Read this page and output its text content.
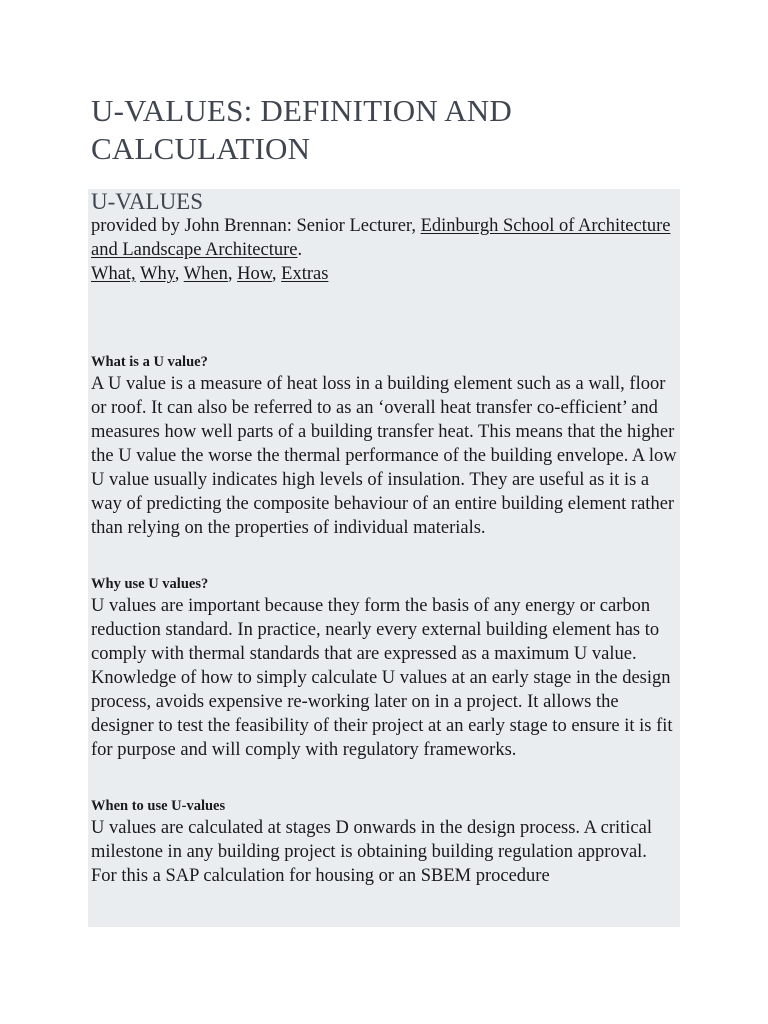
U-VALUES: DEFINITION AND CALCULATION
U-VALUES
provided by John Brennan: Senior Lecturer, Edinburgh School of Architecture and Landscape Architecture.
What, Why, When, How, Extras
What is a U value?

A U value is a measure of heat loss in a building element such as a wall, floor or roof. It can also be referred to as an ‘overall heat transfer co-efficient’ and measures how well parts of a building transfer heat. This means that the higher the U value the worse the thermal performance of the building envelope. A low U value usually indicates high levels of insulation. They are useful as it is a way of predicting the composite behaviour of an entire building element rather than relying on the properties of individual materials.

Why use U values?

U values are important because they form the basis of any energy or carbon reduction standard. In practice, nearly every external building element has to comply with thermal standards that are expressed as a maximum U value. Knowledge of how to simply calculate U values at an early stage in the design process, avoids expensive re-working later on in a project. It allows the designer to test the feasibility of their project at an early stage to ensure it is fit for purpose and will comply with regulatory frameworks.

When to use U-values

U values are calculated at stages D onwards in the design process. A critical milestone in any building project is obtaining building regulation approval. For this a SAP calculation for housing or an SBEM procedure
